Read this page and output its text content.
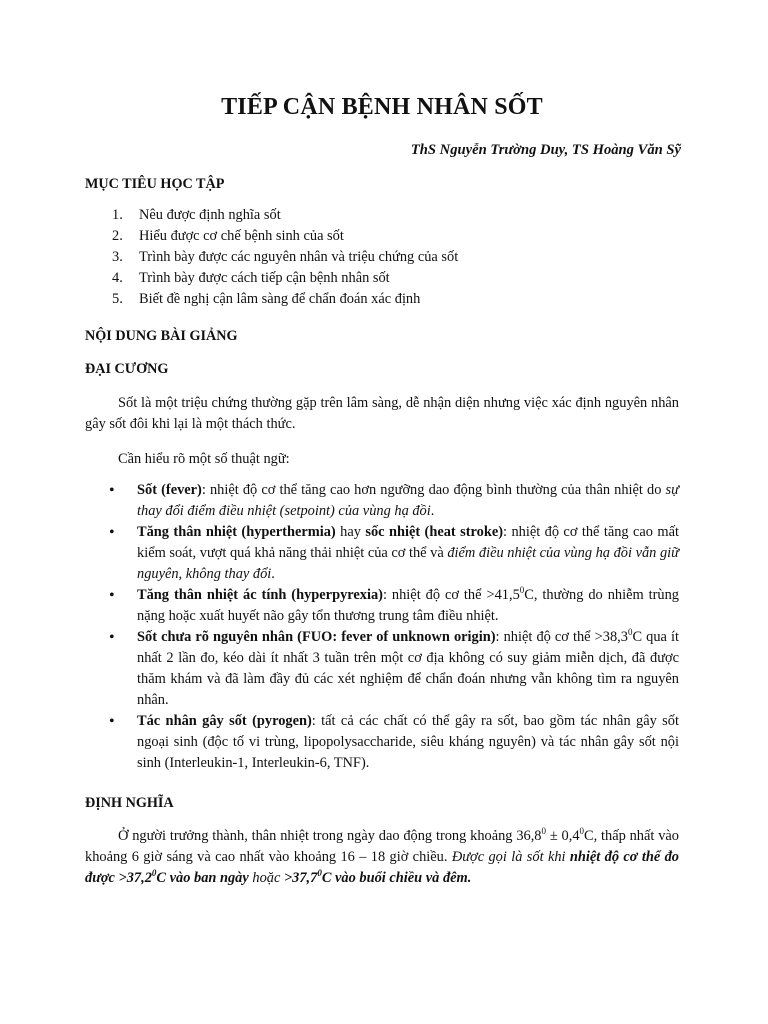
TIẾP CẬN BỆNH NHÂN SỐT
ThS Nguyễn Trường Duy, TS Hoàng Văn Sỹ
MỤC TIÊU HỌC TẬP
1. Nêu được định nghĩa sốt
2. Hiểu được cơ chế bệnh sinh của sốt
3. Trình bày được các nguyên nhân và triệu chứng của sốt
4. Trình bày được cách tiếp cận bệnh nhân sốt
5. Biết đề nghị cận lâm sàng để chẩn đoán xác định
NỘI DUNG BÀI GIẢNG
ĐẠI CƯƠNG

Sốt là một triệu chứng thường gặp trên lâm sàng, dễ nhận diện nhưng việc xác định nguyên nhân gây sốt đôi khi lại là một thách thức.

Cần hiểu rõ một số thuật ngữ:

• Sốt (fever): nhiệt độ cơ thể tăng cao hơn ngưỡng dao động bình thường của thân nhiệt do sự thay đổi điểm điều nhiệt (setpoint) của vùng hạ đồi.
• Tăng thân nhiệt (hyperthermia) hay sốc nhiệt (heat stroke): nhiệt độ cơ thể tăng cao mất kiểm soát, vượt quá khả năng thải nhiệt của cơ thể và điểm điều nhiệt của vùng hạ đồi vẫn giữ nguyên, không thay đổi.
• Tăng thân nhiệt ác tính (hyperpyrexia): nhiệt độ cơ thể $>41,5^0C$, thường do nhiễm trùng nặng hoặc xuất huyết não gây tổn thương trung tâm điều nhiệt.
• Sốt chưa rõ nguyên nhân (FUO: fever of unknown origin): nhiệt độ cơ thể $>38,3^0C$ qua ít nhất 2 lần đo, kéo dài ít nhất 3 tuần trên một cơ địa không có suy giảm miễn dịch, đã được thăm khám và đã làm đầy đủ các xét nghiệm để chẩn đoán nhưng vẫn không tìm ra nguyên nhân.
• Tác nhân gây sốt (pyrogen): tất cả các chất có thể gây ra sốt, bao gồm tác nhân gây sốt ngoại sinh (độc tố vi trùng, lipopolysaccharide, siêu kháng nguyên) và tác nhân gây sốt nội sinh (Interleukin-1, Interleukin-6, TNF).
ĐỊNH NGHĨA

Ở người trưởng thành, thân nhiệt trong ngày dao động trong khoảng $36,8^0 \pm 0,4^0C$, thấp nhất vào khoảng 6 giờ sáng và cao nhất vào khoảng 16 – 18 giờ chiều. Được gọi là sốt khi nhiệt độ cơ thể đo được $>37,2^0C$ vào ban ngày hoặc $>37,7^0C$ vào buổi chiều và đêm.
